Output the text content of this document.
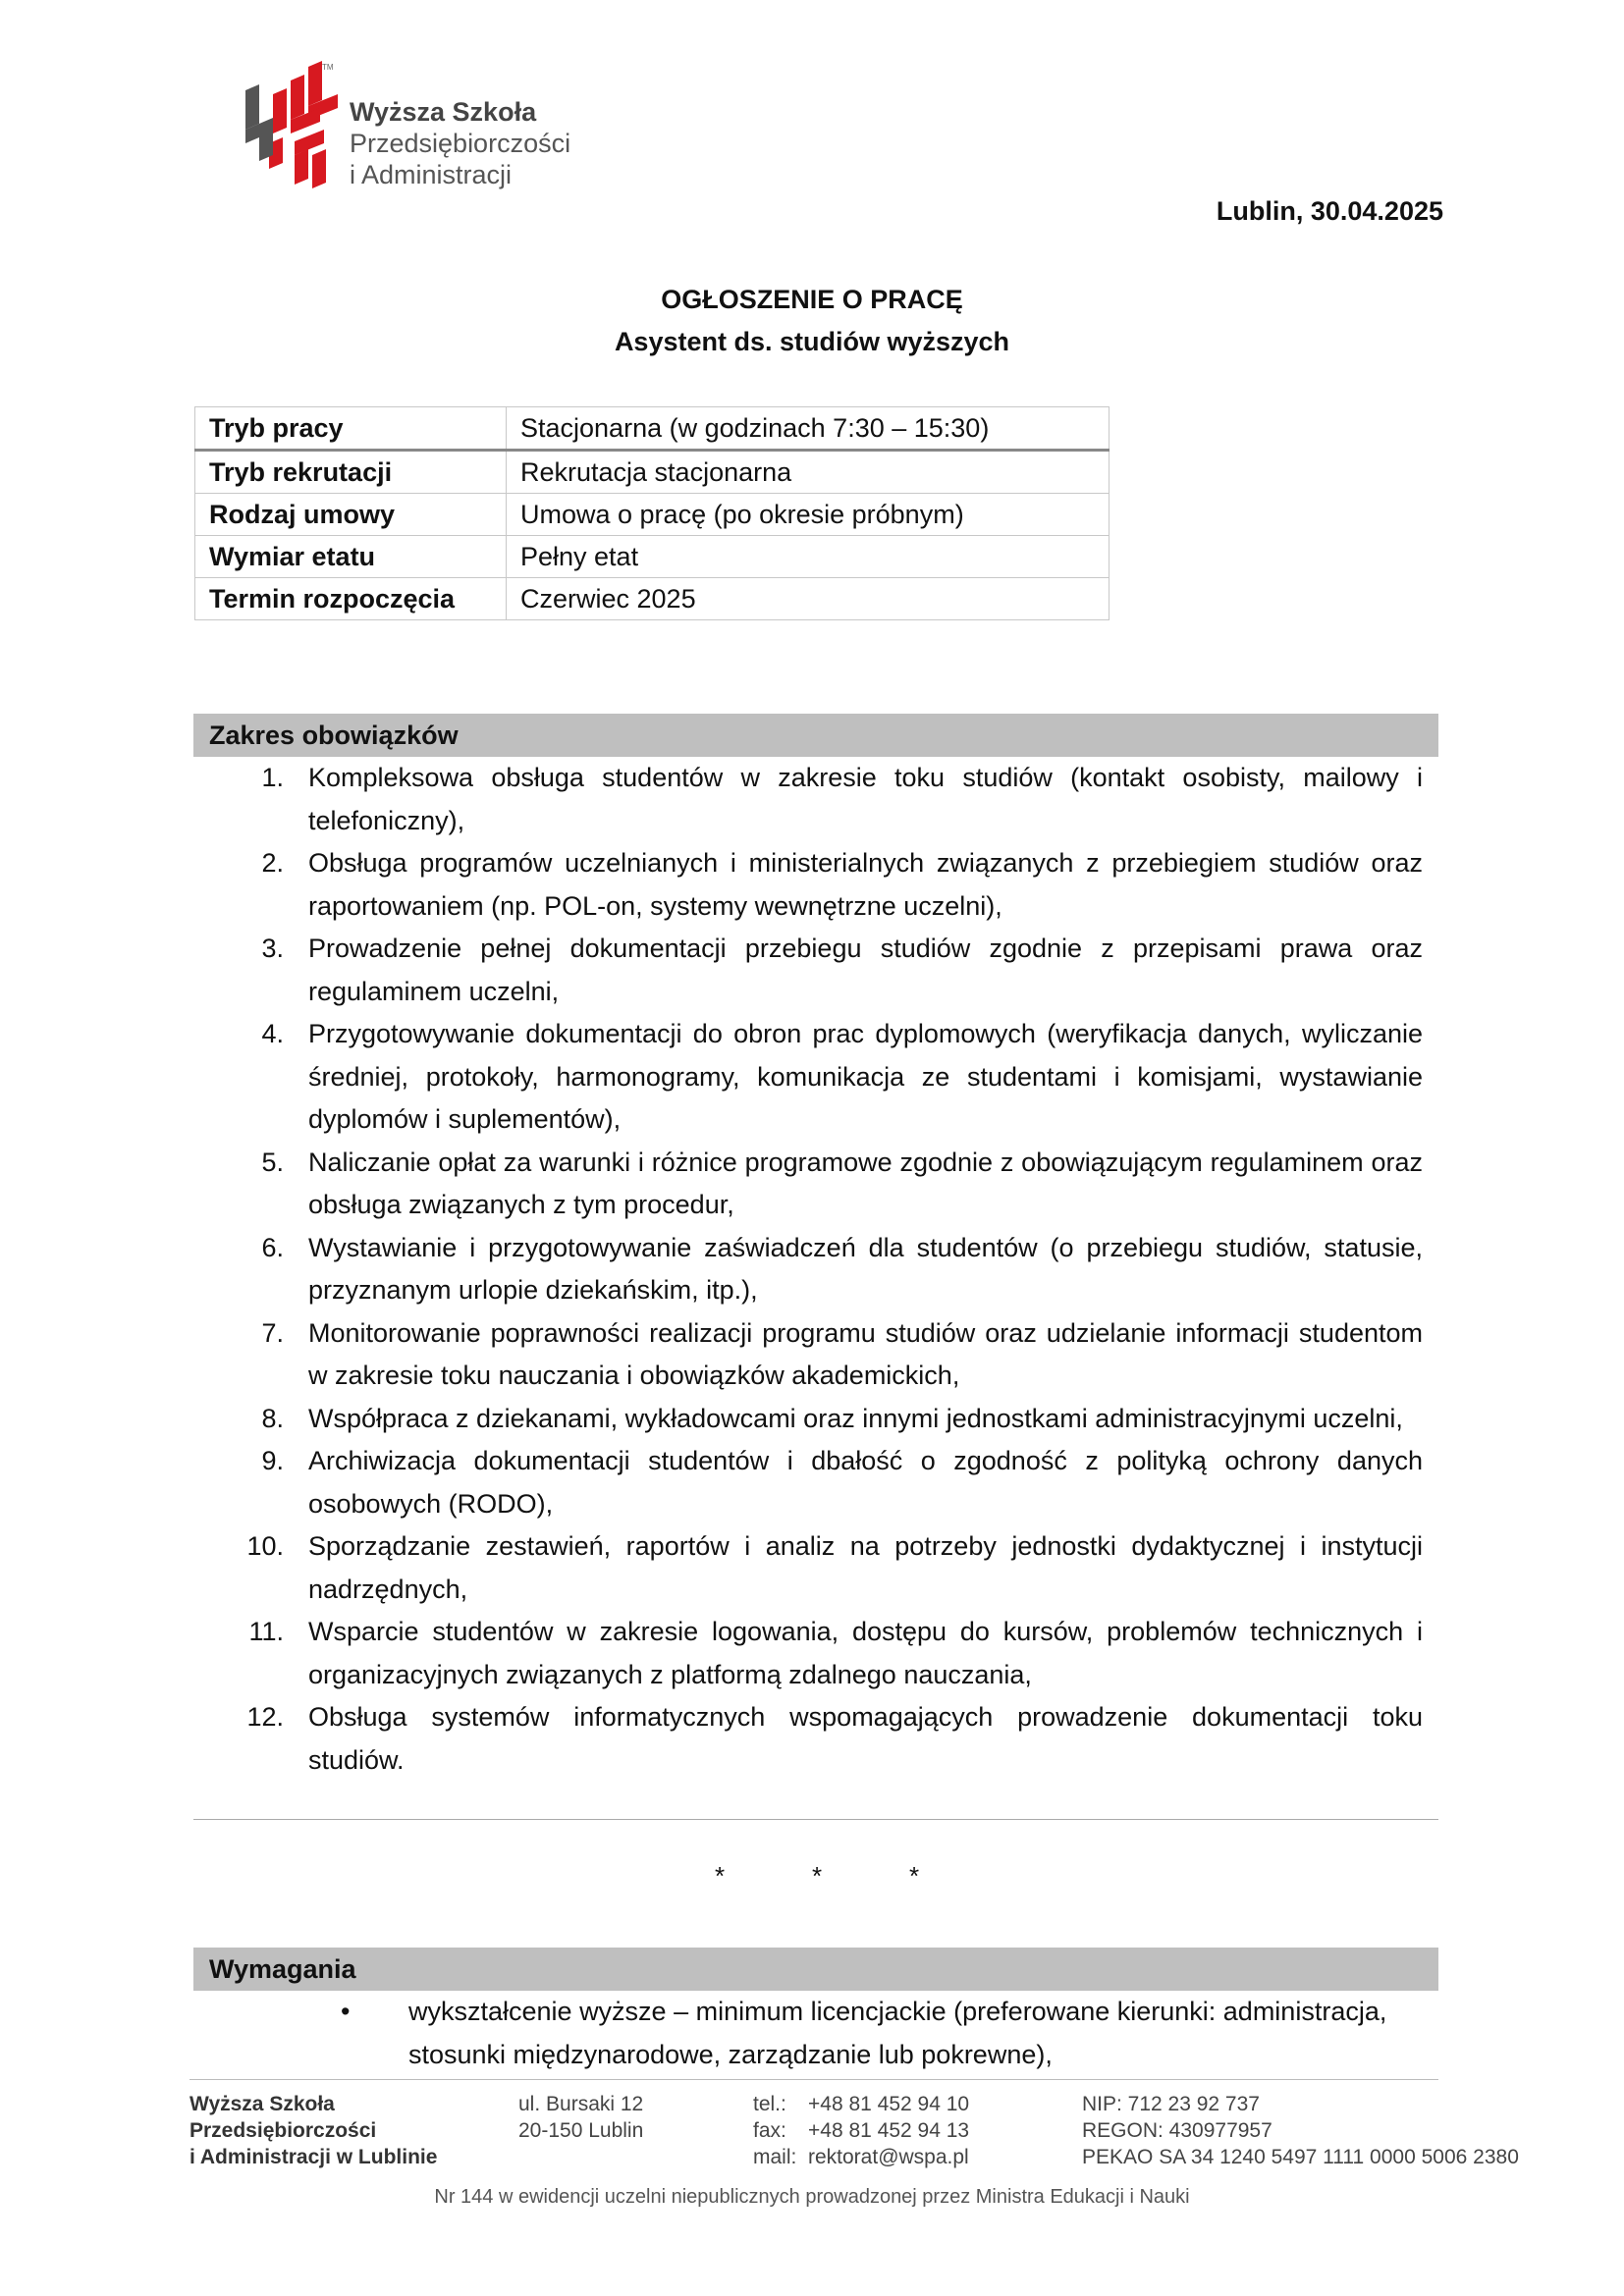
TM
Wyższa Szkoła
Przedsiębiorczości
i Administracji
Lublin, 30.04.2025
OGŁOSZENIE O PRACĘ
Asystent ds. studiów wyższych
Tryb pracy	Stacjonarna (w godzinach 7:30 – 15:30)
Tryb rekrutacji	Rekrutacja stacjonarna
Rodzaj umowy	Umowa o pracę (po okresie próbnym)
Wymiar etatu	Pełny etat
Termin rozpoczęcia	Czerwiec 2025
Zakres obowiązków
1. Kompleksowa obsługa studentów w zakresie toku studiów (kontakt osobisty, mailowy i telefoniczny),
2. Obsługa programów uczelnianych i ministerialnych związanych z przebiegiem studiów oraz raportowaniem (np. POL-on, systemy wewnętrzne uczelni),
3. Prowadzenie pełnej dokumentacji przebiegu studiów zgodnie z przepisami prawa oraz regulaminem uczelni,
4. Przygotowywanie dokumentacji do obron prac dyplomowych (weryfikacja danych, wyliczanie średniej, protokoły, harmonogramy, komunikacja ze studentami i komisjami, wystawianie dyplomów i suplementów),
5. Naliczanie opłat za warunki i różnice programowe zgodnie z obowiązującym regulaminem oraz obsługa związanych z tym procedur,
6. Wystawianie i przygotowywanie zaświadczeń dla studentów (o przebiegu studiów, statusie, przyznanym urlopie dziekańskim, itp.),
7. Monitorowanie poprawności realizacji programu studiów oraz udzielanie informacji studentom w zakresie toku nauczania i obowiązków akademickich,
8. Współpraca z dziekanami, wykładowcami oraz innymi jednostkami administracyjnymi uczelni,
9. Archiwizacja dokumentacji studentów i dbałość o zgodność z polityką ochrony danych osobowych (RODO),
10. Sporządzanie zestawień, raportów i analiz na potrzeby jednostki dydaktycznej i instytucji nadrzędnych,
11. Wsparcie studentów w zakresie logowania, dostępu do kursów, problemów technicznych i organizacyjnych związanych z platformą zdalnego nauczania,
12. Obsługa systemów informatycznych wspomagających prowadzenie dokumentacji toku studiów.
*	*	*
Wymagania
• wykształcenie wyższe – minimum licencjackie (preferowane kierunki: administracja, stosunki międzynarodowe, zarządzanie lub pokrewne),
Wyższa Szkoła
Przedsiębiorczości
i Administracji w Lublinie
ul. Bursaki 12
20-150 Lublin
tel.: +48 81 452 94 10
fax: +48 81 452 94 13
mail: rektorat@wspa.pl
NIP: 712 23 92 737
REGON: 430977957
PEKAO SA 34 1240 5497 1111 0000 5006 2380
Nr 144 w ewidencji uczelni niepublicznych prowadzonej przez Ministra Edukacji i Nauki
